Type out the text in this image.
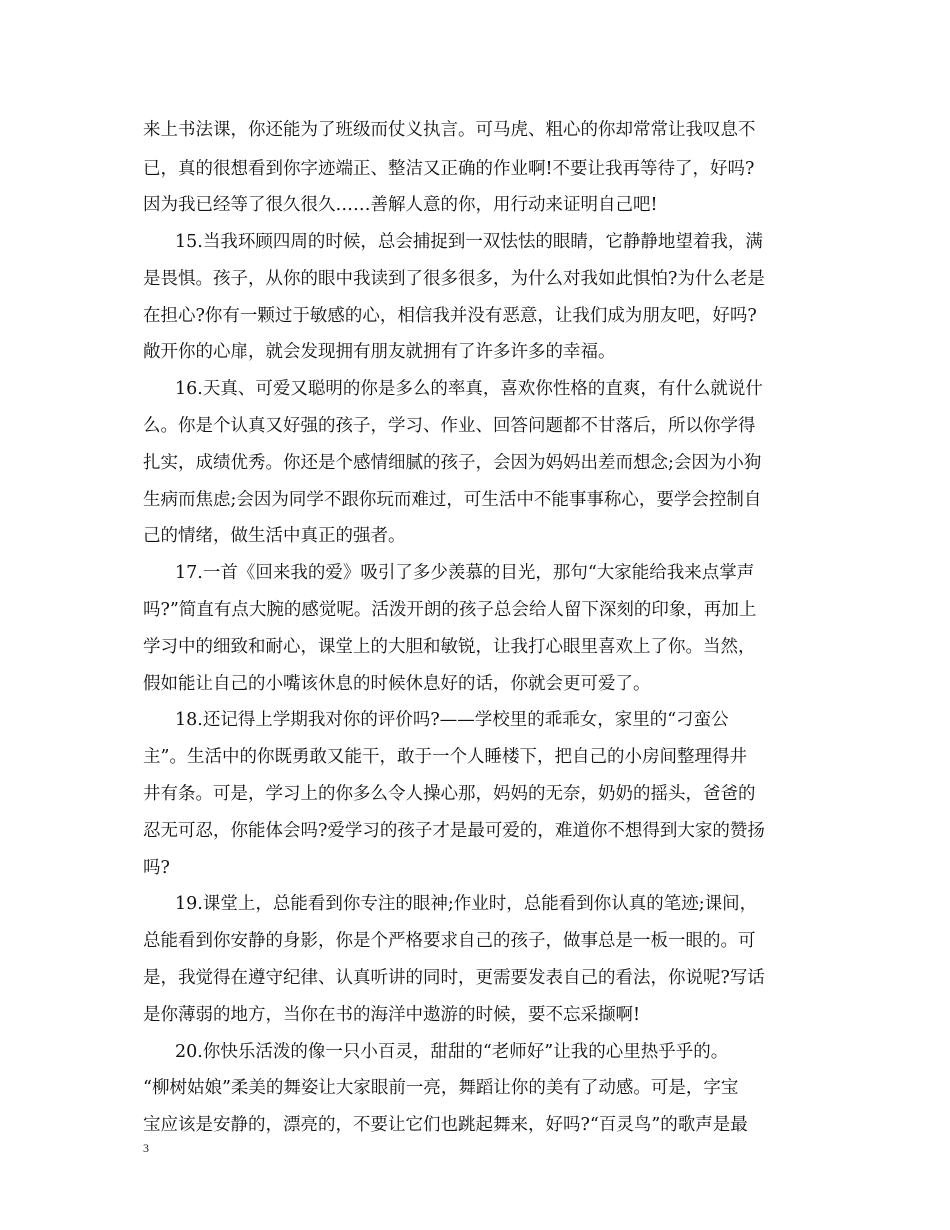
来上书法课，你还能为了班级而仗义执言。可马虎、粗心的你却常常让我叹息不
已，真的很想看到你字迹端正、整洁又正确的作业啊!不要让我再等待了，好吗?
因为我已经等了很久很久……善解人意的你，用行动来证明自己吧!
15.当我环顾四周的时候，总会捕捉到一双怯怯的眼睛，它静静地望着我，满
是畏惧。孩子，从你的眼中我读到了很多很多，为什么对我如此惧怕?为什么老是
在担心?你有一颗过于敏感的心，相信我并没有恶意，让我们成为朋友吧，好吗?
敞开你的心扉，就会发现拥有朋友就拥有了许多许多的幸福。
16.天真、可爱又聪明的你是多么的率真，喜欢你性格的直爽，有什么就说什
么。你是个认真又好强的孩子，学习、作业、回答问题都不甘落后，所以你学得
扎实，成绩优秀。你还是个感情细腻的孩子，会因为妈妈出差而想念;会因为小狗
生病而焦虑;会因为同学不跟你玩而难过，可生活中不能事事称心，要学会控制自
己的情绪，做生活中真正的强者。
17.一首《回来我的爱》吸引了多少羡慕的目光，那句“大家能给我来点掌声
吗?”简直有点大腕的感觉呢。活泼开朗的孩子总会给人留下深刻的印象，再加上
学习中的细致和耐心，课堂上的大胆和敏锐，让我打心眼里喜欢上了你。当然，
假如能让自己的小嘴该休息的时候休息好的话，你就会更可爱了。
18.还记得上学期我对你的评价吗?——学校里的乖乖女，家里的“刁蛮公
主”。生活中的你既勇敢又能干，敢于一个人睡楼下，把自己的小房间整理得井
井有条。可是，学习上的你多么令人操心那，妈妈的无奈，奶奶的摇头，爸爸的
忍无可忍，你能体会吗?爱学习的孩子才是最可爱的，难道你不想得到大家的赞扬
吗?
19.课堂上，总能看到你专注的眼神;作业时，总能看到你认真的笔迹;课间，
总能看到你安静的身影，你是个严格要求自己的孩子，做事总是一板一眼的。可
是，我觉得在遵守纪律、认真听讲的同时，更需要发表自己的看法，你说呢?写话
是你薄弱的地方，当你在书的海洋中遨游的时候，要不忘采撷啊!
20.你快乐活泼的像一只小百灵，甜甜的“老师好”让我的心里热乎乎的。
“柳树姑娘”柔美的舞姿让大家眼前一亮，舞蹈让你的美有了动感。可是，字宝
宝应该是安静的，漂亮的，不要让它们也跳起舞来，好吗?“百灵鸟”的歌声是最
3
